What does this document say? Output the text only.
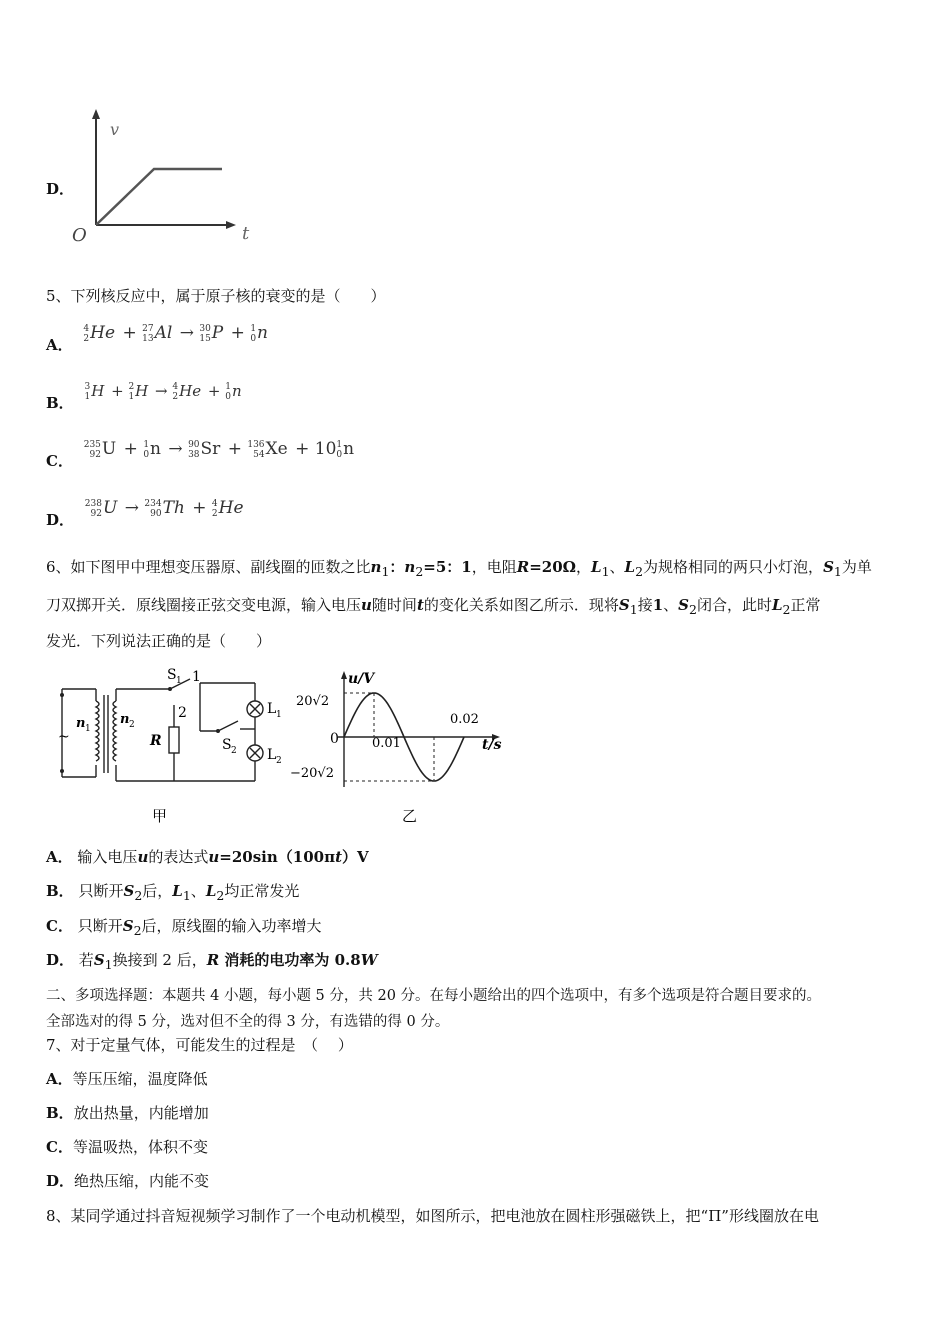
D．
v
t
O
5、下列核反应中，属于原子核的衰变的是（　　）
A．
4
2 He + 27
13 Al → 30
15 P + 1
0 n
B．
3
1 H + 2
1 H → 4
2 He + 1
0 n
C．
235
92 U + 1
0 n → 90
38 Sr + 136
54 Xe + 10 1
0 n
D．
238
92 U → 234
90 Th + 4
2 He
6、如下图甲中理想变压器原、副线圈的匝数之比$n_1$：$n_2=5$：1，电阻R=20Ω，$L_1$、$L_2$为规格相同的两只小灯泡，$S_1$为单
刀双掷开关．原线圈接正弦交变电源，输入电压u随时间t的变化关系如图乙所示．现将$S_1$接1、$S_2$闭合，此时$L_2$正常
发光．下列说法正确的是（　　）
~
n 1
n 2
S 1 1
2
R	S 2
L 1
L 2
甲
u/V
t/s
20√2
−20√2
0	0.01
0.02
乙
A． 输入电压u的表达式u=20sin（100πt）V
B． 只断开$S_2$后，$L_1$、$L_2$均正常发光
C． 只断开$S_2$后，原线圈的输入功率增大
D． 若$S_1$换接到 2 后，R 消耗的电功率为 0.8W
二、多项选择题：本题共 4 小题，每小题 5 分，共 20 分。在每小题给出的四个选项中，有多个选项是符合题目要求的。
全部选对的得 5 分，选对但不全的得 3 分，有选错的得 0 分。
7、对于定量气体，可能发生的过程是　（　 ）
A．等压压缩，温度降低
B．放出热量，内能增加
C．等温吸热，体积不变
D．绝热压缩，内能不变
8、某同学通过抖音短视频学习制作了一个电动机模型，如图所示，把电池放在圆柱形强磁铁上，把“Π”形线圈放在电
